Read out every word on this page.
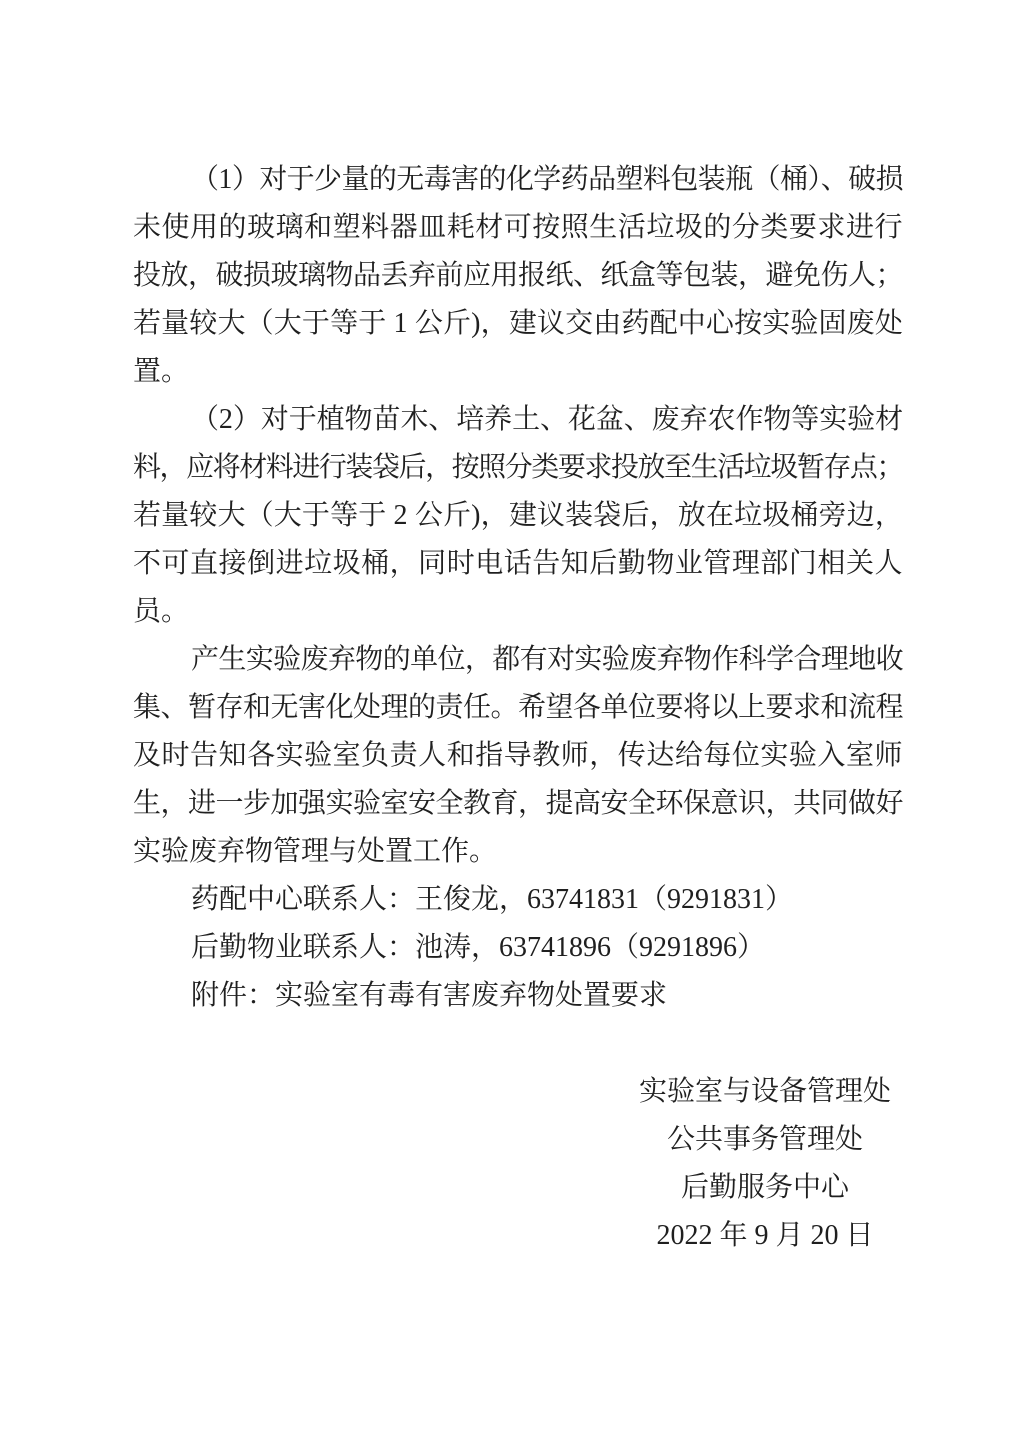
（1）对于少量的无毒害的化学药品塑料包装瓶（桶）、破损
未使用的玻璃和塑料器皿耗材可按照生活垃圾的分类要求进行
投放，破损玻璃物品丢弃前应用报纸、纸盒等包装，避免伤人；
若量较大（大于等于 1 公斤)，建议交由药配中心按实验固废处
置。
（2）对于植物苗木、培养土、花盆、废弃农作物等实验材
料，应将材料进行装袋后，按照分类要求投放至生活垃圾暂存点；
若量较大（大于等于 2 公斤)，建议装袋后，放在垃圾桶旁边，
不可直接倒进垃圾桶，同时电话告知后勤物业管理部门相关人
员。
产生实验废弃物的单位，都有对实验废弃物作科学合理地收
集、暂存和无害化处理的责任。希望各单位要将以上要求和流程
及时告知各实验室负责人和指导教师，传达给每位实验入室师
生，进一步加强实验室安全教育，提高安全环保意识，共同做好
实验废弃物管理与处置工作。
药配中心联系人：王俊龙，63741831（9291831）
后勤物业联系人：池涛，63741896（9291896）
附件：实验室有毒有害废弃物处置要求
实验室与设备管理处
公共事务管理处
后勤服务中心
2022 年 9 月 20 日
